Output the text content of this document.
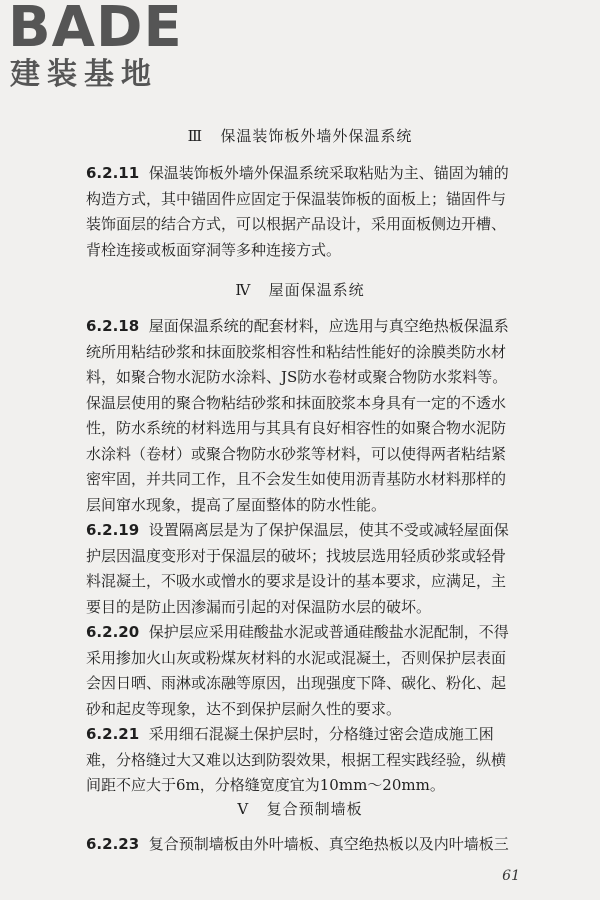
BADE
建装基地
Ⅲ 保温装饰板外墙外保温系统
6.2.11 保温装饰板外墙外保温系统采取粘贴为主、锚固为辅的
构造方式，其中锚固件应固定于保温装饰板的面板上；锚固件与
装饰面层的结合方式，可以根据产品设计，采用面板侧边开槽、
背栓连接或板面穿洞等多种连接方式。
Ⅳ 屋面保温系统
6.2.18 屋面保温系统的配套材料，应选用与真空绝热板保温系
统所用粘结砂浆和抹面胶浆相容性和粘结性能好的涂膜类防水材
料，如聚合物水泥防水涂料、JS防水卷材或聚合物防水浆料等。
保温层使用的聚合物粘结砂浆和抹面胶浆本身具有一定的不透水
性，防水系统的材料选用与其具有良好相容性的如聚合物水泥防
水涂料（卷材）或聚合物防水砂浆等材料，可以使得两者粘结紧
密牢固，并共同工作，且不会发生如使用沥青基防水材料那样的
层间窜水现象，提高了屋面整体的防水性能。
6.2.19 设置隔离层是为了保护保温层，使其不受或减轻屋面保
护层因温度变形对于保温层的破坏；找坡层选用轻质砂浆或轻骨
料混凝土，不吸水或憎水的要求是设计的基本要求，应满足，主
要目的是防止因渗漏而引起的对保温防水层的破坏。
6.2.20 保护层应采用硅酸盐水泥或普通硅酸盐水泥配制，不得
采用掺加火山灰或粉煤灰材料的水泥或混凝土，否则保护层表面
会因日晒、雨淋或冻融等原因，出现强度下降、碳化、粉化、起
砂和起皮等现象，达不到保护层耐久性的要求。
6.2.21 采用细石混凝土保护层时，分格缝过密会造成施工困
难，分格缝过大又难以达到防裂效果，根据工程实践经验，纵横
间距不应大于6m，分格缝宽度宜为10mm～20mm。
Ⅴ 复合预制墙板
6.2.23 复合预制墙板由外叶墙板、真空绝热板以及内叶墙板三
61
